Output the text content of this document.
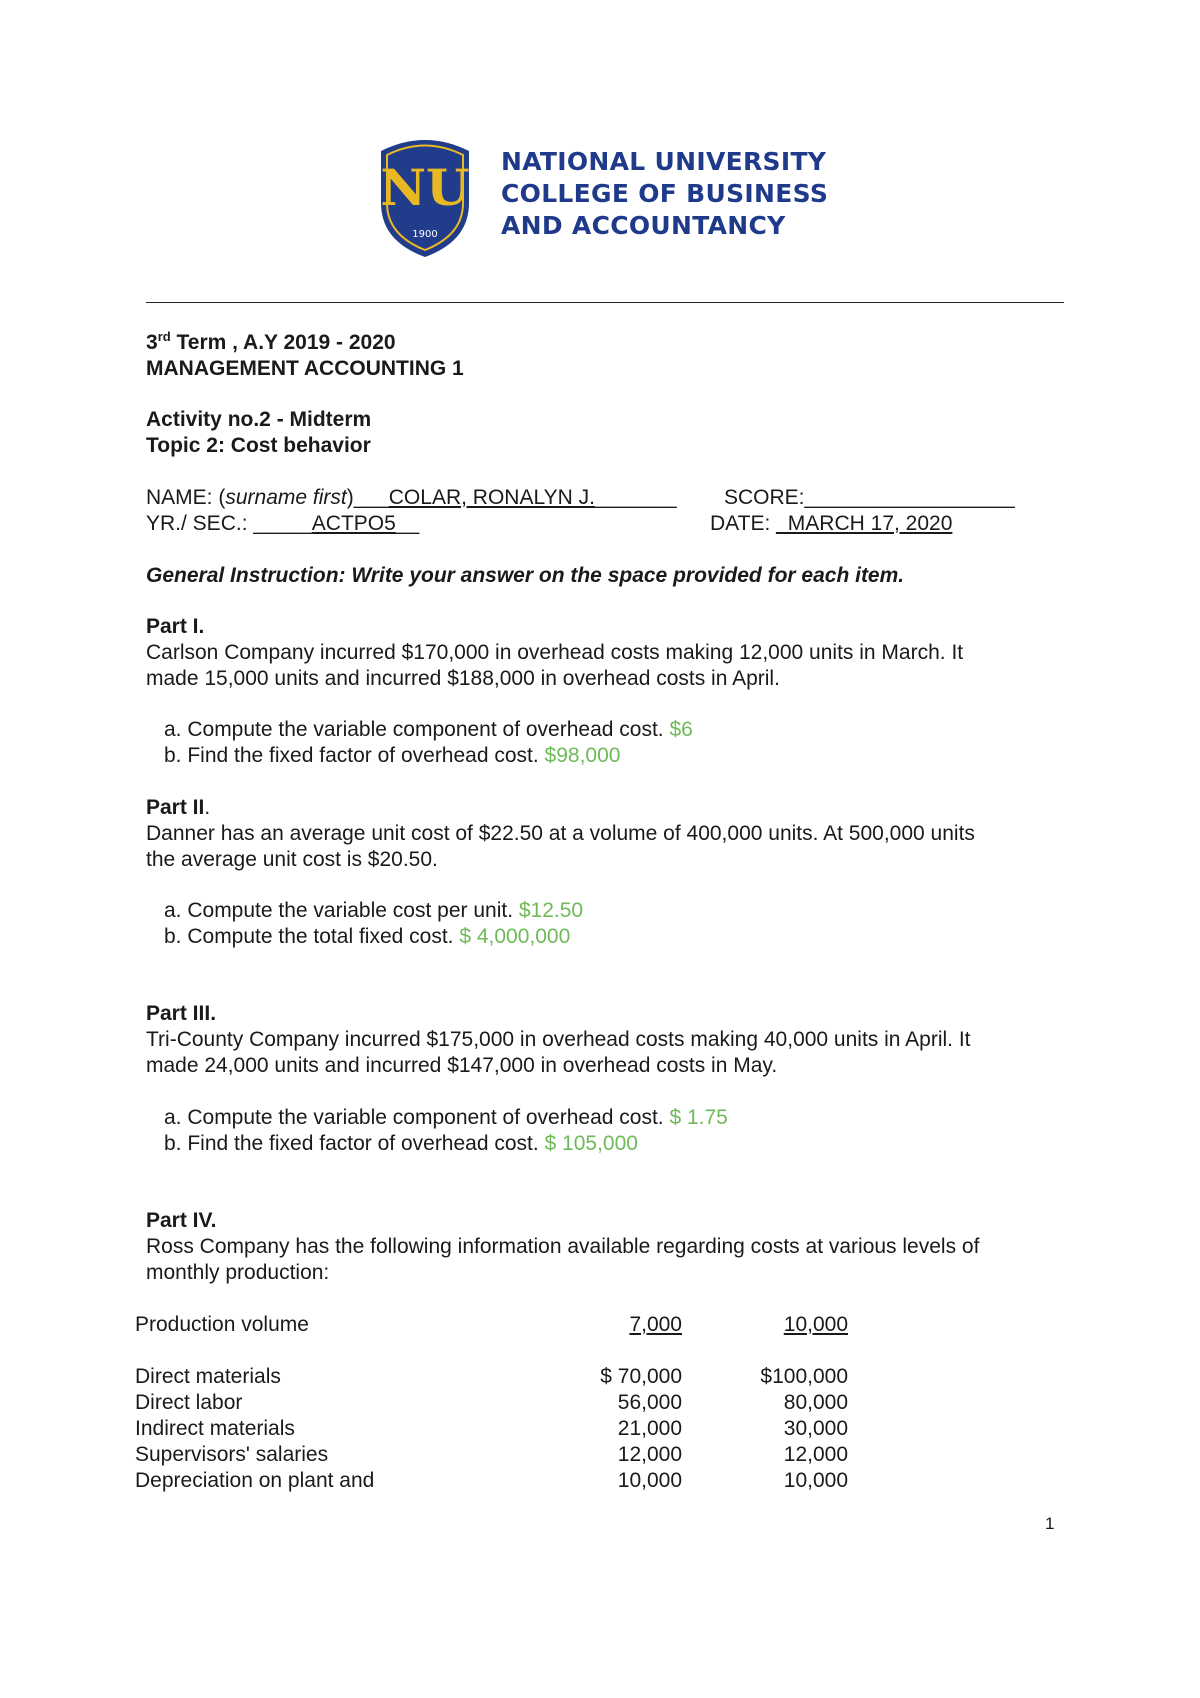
NU
1900
NATIONAL UNIVERSITY
COLLEGE OF BUSINESS
AND ACCOUNTANCY
3rd Term , A.Y 2019 - 2020
MANAGEMENT ACCOUNTING 1
Activity no.2 - Midterm
Topic 2: Cost behavior
NAME: (surname first)___COLAR, RONALYN J._______ SCORE:__________________
YR./ SEC.: _____ACTPO5__	DATE: _MARCH 17, 2020
General Instruction: Write your answer on the space provided for each item.
Part I.
Carlson Company incurred $170,000 in overhead costs making 12,000 units in March. It
made 15,000 units and incurred $188,000 in overhead costs in April.
a. Compute the variable component of overhead cost. $6
b. Find the fixed factor of overhead cost. $98,000
Part II.
Danner has an average unit cost of $22.50 at a volume of 400,000 units. At 500,000 units
the average unit cost is $20.50.
a. Compute the variable cost per unit. $12.50
b. Compute the total fixed cost. $ 4,000,000
Part III.
Tri-County Company incurred $175,000 in overhead costs making 40,000 units in April. It
made 24,000 units and incurred $147,000 in overhead costs in May.
a. Compute the variable component of overhead cost. $ 1.75
b. Find the fixed factor of overhead cost. $ 105,000
Part IV.
Ross Company has the following information available regarding costs at various levels of
monthly production:
Production volume	7,000	10,000
Direct materials	$ 70,000	$100,000
Direct labor	56,000	80,000
Indirect materials	21,000	30,000
Supervisors' salaries	12,000	12,000
Depreciation on plant and	10,000	10,000
1
